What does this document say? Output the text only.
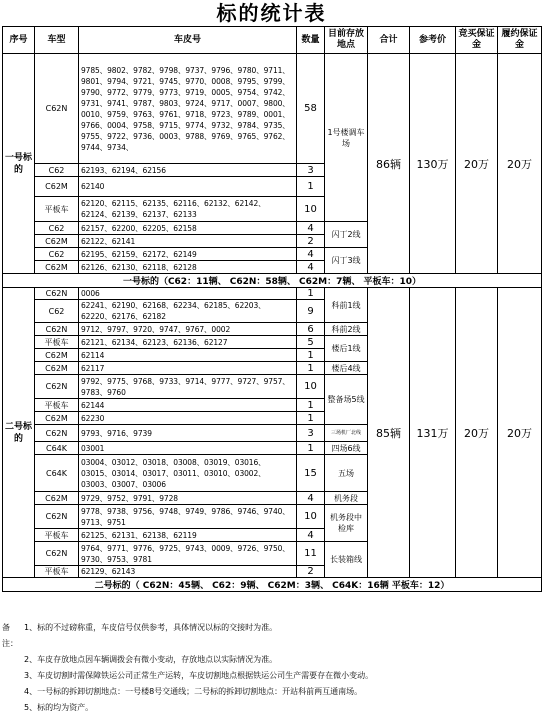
标的统计表
序号	车型	车皮号	数量	目前存放地点	合计	参考价	竞买保证金	履约保证金
一号标的	C62N	9785、9802、9782、9798、9737、9796、9780、9711、9801、9794、9721、9745、9770、0008、9795、9799、9790、9772、9779、9773、9719、0005、9754、9742、9731、9741、9787、9803、9724、9717、0007、9800、0010、9759、9763、9761、9718、9723、9789、0001、9766、0004、9758、9715、9774、9732、9784、9735、9755、9722、9736、0003、9788、9769、9765、9762、9744、9734、	58	1号楼调车场	86辆	130万	20万	20万
	C62	62193、62194、62156	3					
	C62M	62140	1					
	平板车	62120、62115、62135、62116、62132、62142、62124、62139、62137、62133	10					
	C62	62157、62200、62205、62158	4	闪丁2线				
	C62M	62122、62141	2					
	C62	62195、62159、62172、62149	4	闪丁3线				
	C62M	62126、62130、62118、62128	4					
一号标的（C62：11辆、 C62N：58辆、 C62M：7辆、 平板车：10）								
二号标的	C62N	0006	1	科前1线	85辆	131万	20万	20万
	C62	62241、62190、62168、62234、62185、62203、62220、62176、62182	9					
	C62N	9712、9797、9720、9747、9767、0002	6	科前2线				
	平板车	62121、62134、62123、62136、62127	5	楼后1线				
	C62M	62114	1					
	C62M	62117	1	楼后4线				
	C62N	9792、9775、9768、9733、9714、9777、9727、9757、9783、9760	10	整备场5线				
	平板车	62144	1					
	C62M	62230	1					
	C62N	9793、9716、9739	3	三场机厂北线				
	C64K	03001	1	四场6线				
	C64K	03004、03012、03018、03008、03019、03016、03015、03014、03017、03011、03010、03002、03003、03007、03006	15	五场				
	C62M	9729、9752、9791、9728	4	机务段				
	C62N	9778、9738、9756、9748、9749、9786、9746、9740、9713、9751	10	机务段中检库				
	平板车	62125、62131、62138、62119	4					
	C62N	9764、9771、9776、9725、9743、0009、9726、9750、9730、9753、9781	11	长装箱线				
	平板车	62129、62143	2					
二号标的（ C62N：45辆、 C62：9辆、 C62M：3辆、 C64K：16辆 平板车：12）								
备注：
1、标的不过磅称重，车皮信号仅供参考，具体情况以标的交接时为准。
2、车皮存放地点因车辆调拨会有微小变动，存放地点以实际情况为准。
3、车皮切割时需保障铁运公司正常生产运转，车皮切割地点根据铁运公司生产需要存在微小变动。
4、一号标的拆卸切割地点：一号楼8号交通线；二号标的拆卸切割地点：开站科前两互通南场。
5、标的均为资产。
